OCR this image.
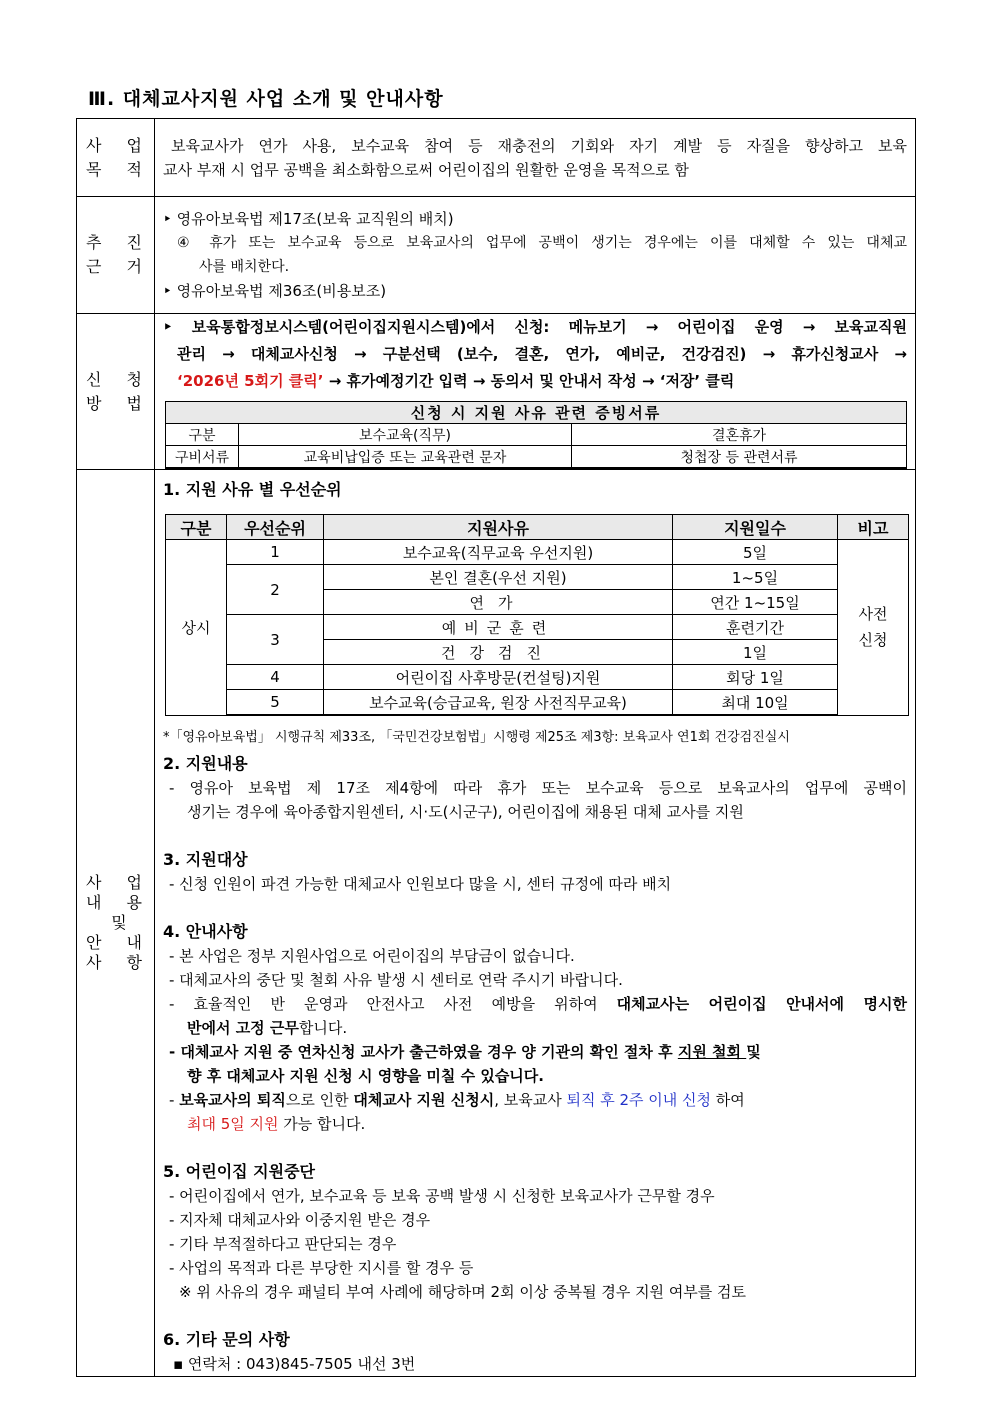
Ⅲ. 대체교사지원 사업 소개 및 안내사항
사 업
목 적

보육교사가 연가 사용, 보수교육 참여 등 재충전의 기회와 자기 계발 등 자질을 향상하고 보육
교사 부재 시 업무 공백을 최소화함으로써 어린이집의 원활한 운영을 목적으로 함

추 진
근 거

‣ 영유아보육법 제17조(보육 교직원의 배치)
④ 휴가 또는 보수교육 등으로 보육교사의 업무에 공백이 생기는 경우에는 이를 대체할 수 있는 대체교
사를 배치한다.
‣ 영유아보육법 제36조(비용보조)

신 청
방 법

‣ 보육통합정보시스템(어린이집지원시스템)에서 신청: 메뉴보기 → 어린이집 운영 → 보육교직원
관리 → 대체교사신청 → 구분선택 (보수, 결혼, 연가, 예비군, 건강검진) → 휴가신청교사 →
‘2026년 5회기 클릭’ → 휴가예정기간 입력 → 동의서 및 안내서 작성 → ‘저장’ 클릭
신청 시 지원 사유 관련 증빙서류
구분	보수교육(직무)	결혼휴가
구비서류	교육비납입증 또는 교육관련 문자	청첩장 등 관련서류

사 업
내 용
및
안 내
사 항

1. 지원 사유 별 우선순위
구분	우선순위	지원사유	지원일수	비고
상시	1	보수교육(직무교육 우선지원)	5일	
사전
신청

2	본인 결혼(우선 지원)	1~5일
연가	연간 1~15일
3	예비군훈련	훈련기간
건강검진	1일
4	어린이집 사후방문(컨설팅)지원	회당 1일
5	보수교육(승급교육, 원장 사전직무교육)	최대 10일
*「영유아보육법」 시행규칙 제33조, 「국민건강보험법」시행령 제25조 제3항: 보육교사 연1회 건강검진실시
2. 지원내용
- 영유아 보육법 제 17조 제4항에 따라 휴가 또는 보수교육 등으로 보육교사의 업무에 공백이
생기는 경우에 육아종합지원센터, 시·도(시군구), 어린이집에 채용된 대체 교사를 지원
3. 지원대상
- 신청 인원이 파견 가능한 대체교사 인원보다 많을 시, 센터 규정에 따라 배치
4. 안내사항
- 본 사업은 정부 지원사업으로 어린이집의 부담금이 없습니다.
- 대체교사의 중단 및 철회 사유 발생 시 센터로 연락 주시기 바랍니다.
- 효율적인 반 운영과 안전사고 사전 예방을 위하여 대체교사는 어린이집 안내서에 명시한
반에서 고정 근무합니다.
- 대체교사 지원 중 연차신청 교사가 출근하였을 경우 양 기관의 확인 절차 후 지원 철회 및
향 후 대체교사 지원 신청 시 영향을 미칠 수 있습니다.
- 보육교사의 퇴직으로 인한 대체교사 지원 신청시, 보육교사 퇴직 후 2주 이내 신청 하여
최대 5일 지원 가능 합니다.
5. 어린이집 지원중단
- 어린이집에서 연가, 보수교육 등 보육 공백 발생 시 신청한 보육교사가 근무할 경우
- 지자체 대체교사와 이중지원 받은 경우
- 기타 부적절하다고 판단되는 경우
- 사업의 목적과 다른 부당한 지시를 할 경우 등
※ 위 사유의 경우 패널티 부여 사례에 해당하며 2회 이상 중복될 경우 지원 여부를 검토
6. 기타 문의 사항
▪ 연락처 : 043)845-7505 내선 3번
